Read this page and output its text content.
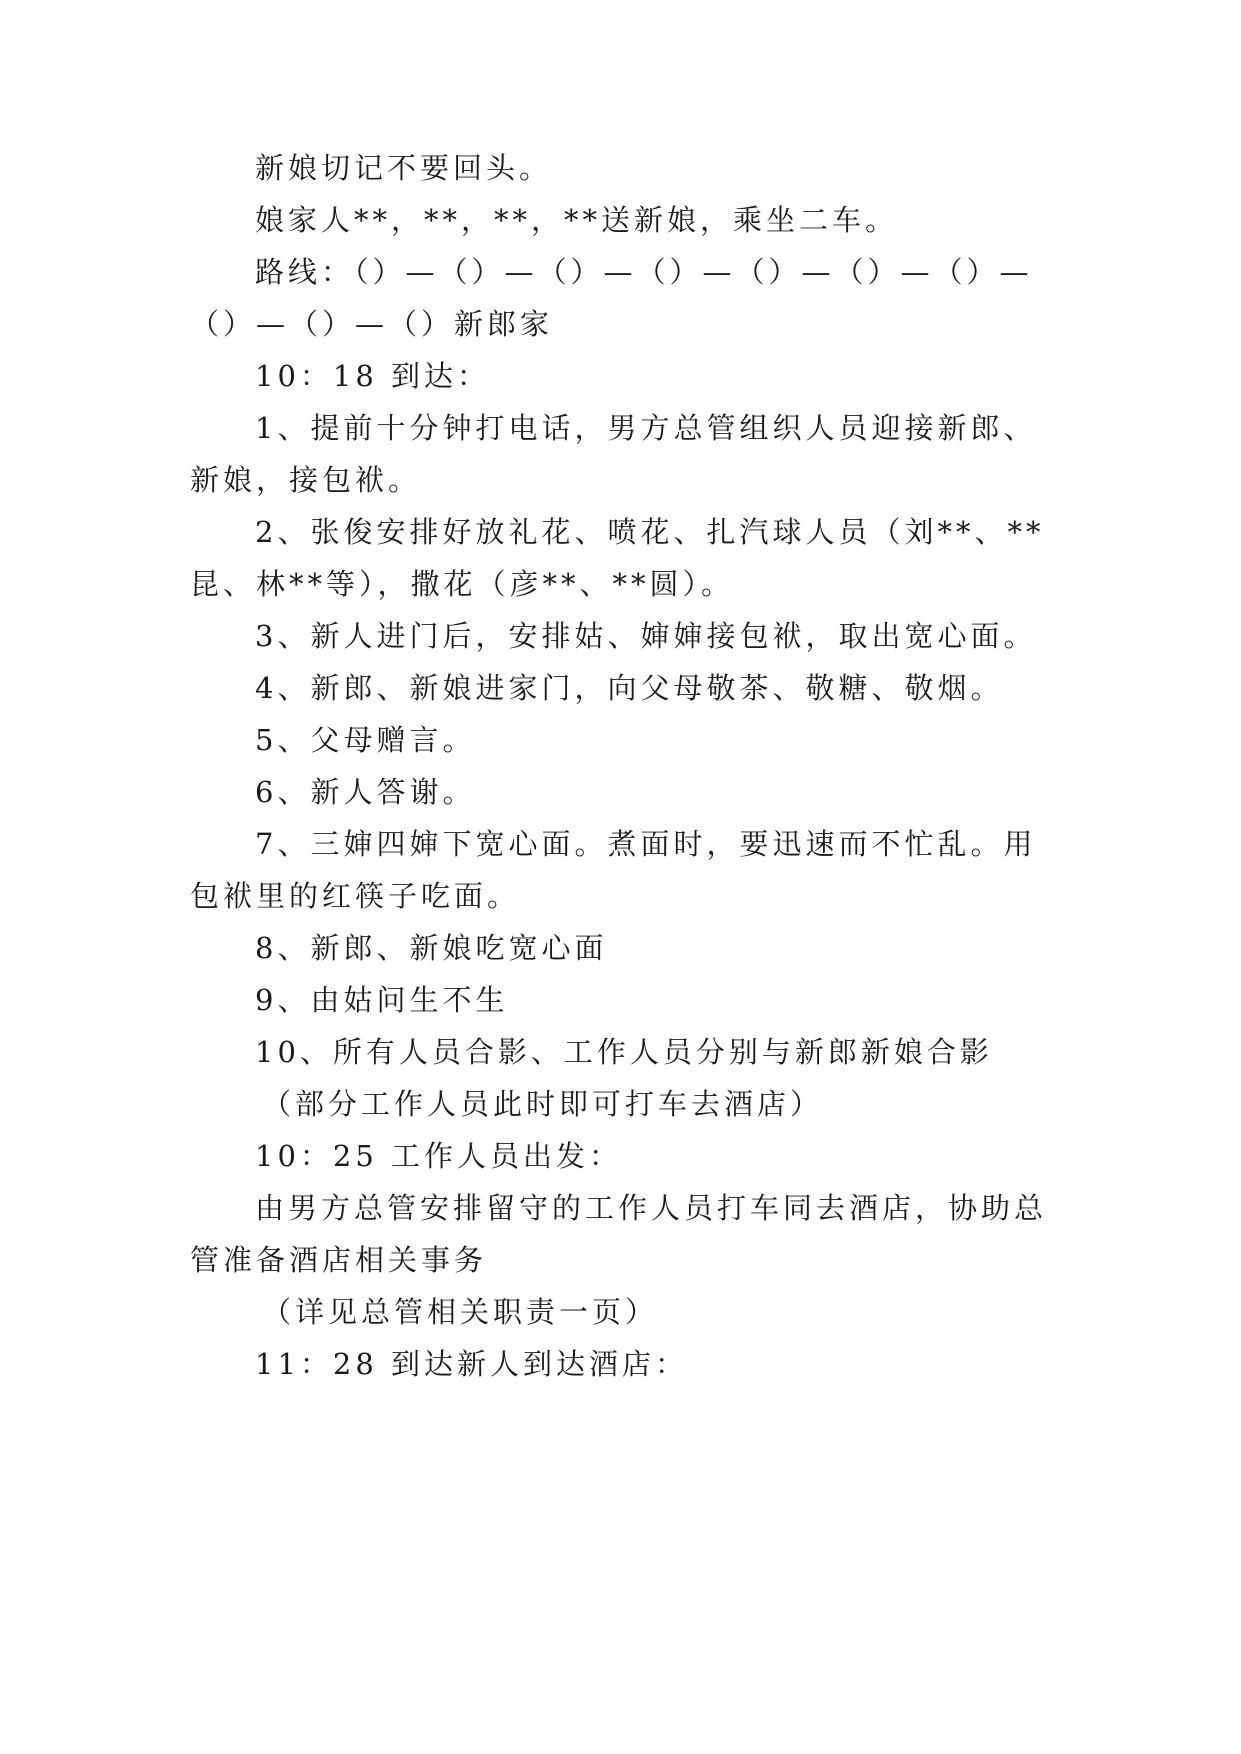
新娘切记不要回头。
娘家人**，**，**，**送新娘，乘坐二车。
路线：（）—（）—（）—（）—（）—（）—（）—
（）—（）—（）新郎家
10：18 到达：
1、提前十分钟打电话，男方总管组织人员迎接新郎、
新娘，接包袱。
2、张俊安排好放礼花、喷花、扎汽球人员（刘**、**
昆、林**等），撒花（彦**、**圆）。
3、新人进门后，安排姑、婶婶接包袱，取出宽心面。
4、新郎、新娘进家门，向父母敬茶、敬糖、敬烟。
5、父母赠言。
6、新人答谢。
7、三婶四婶下宽心面。煮面时，要迅速而不忙乱。用
包袱里的红筷子吃面。
8、新郎、新娘吃宽心面
9、由姑问生不生
10、所有人员合影、工作人员分别与新郎新娘合影
（部分工作人员此时即可打车去酒店）
10：25 工作人员出发：
由男方总管安排留守的工作人员打车同去酒店，协助总
管准备酒店相关事务
（详见总管相关职责一页）
11：28 到达新人到达酒店：
